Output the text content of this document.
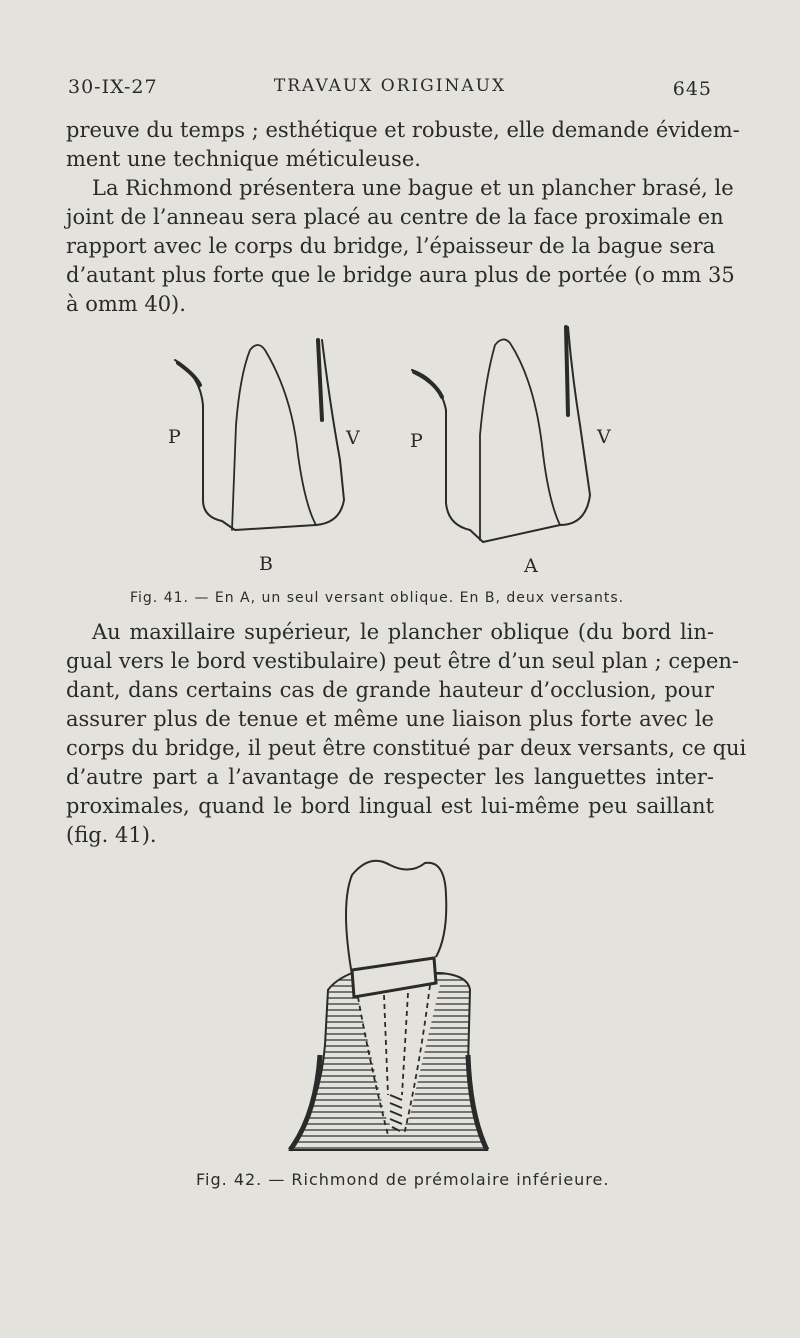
30-IX-27	TRAVAUX ORIGINAUX	645

preuve du temps ; esthétique et robuste, elle demande évidem-
ment une technique méticuleuse.

La Richmond présentera une bague et un plancher brasé, le
joint de l’anneau sera placé au centre de la face proximale en
rapport avec le corps du bridge, l’épaisseur de la bague sera
d’autant plus forte que le bridge aura plus de portée (o mm 35
à omm 40).

P	V
B
P	V
A
Fig. 41. — En A, un seul versant oblique. En B, deux versants.

Au maxillaire supérieur, le plancher oblique (du bord lin-
gual vers le bord vestibulaire) peut être d’un seul plan ; cepen-
dant, dans certains cas de grande hauteur d’occlusion, pour
assurer plus de tenue et même une liaison plus forte avec le
corps du bridge, il peut être constitué par deux versants, ce qui
d’autre part a l’avantage de respecter les languettes inter-
proximales, quand le bord lingual est lui-même peu saillant
(fig. 41).

Fig. 42. — Richmond de prémolaire inférieure.
